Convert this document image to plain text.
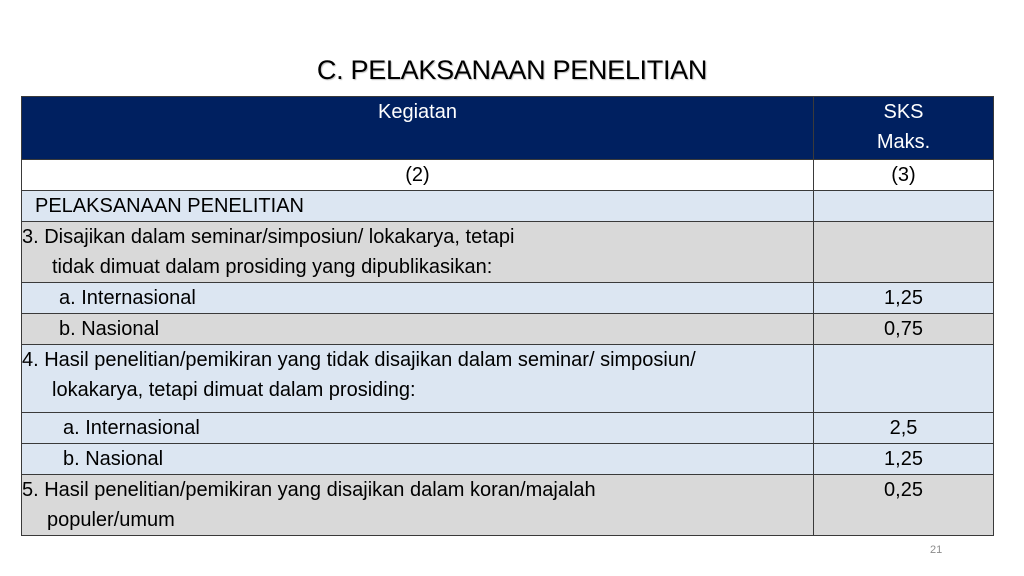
C. PELAKSANAAN PENELITIAN
Kegiatan	SKS
Maks.

(2)	(3)

PELAKSANAAN PENELITIAN	

3. Disajikan dalam seminar/simposiun/ lokakarya, tetapi
tidak dimuat dalam prosiding yang dipublikasikan:	

a. Internasional	1,25

b. Nasional	0,75

4. Hasil penelitian/pemikiran yang tidak disajikan dalam seminar/ simposiun/
lokakarya, tetapi dimuat dalam prosiding:	

a. Internasional	2,5

b. Nasional	1,25

5. Hasil penelitian/pemikiran yang disajikan dalam koran/majalah
populer/umum	0,25
21
